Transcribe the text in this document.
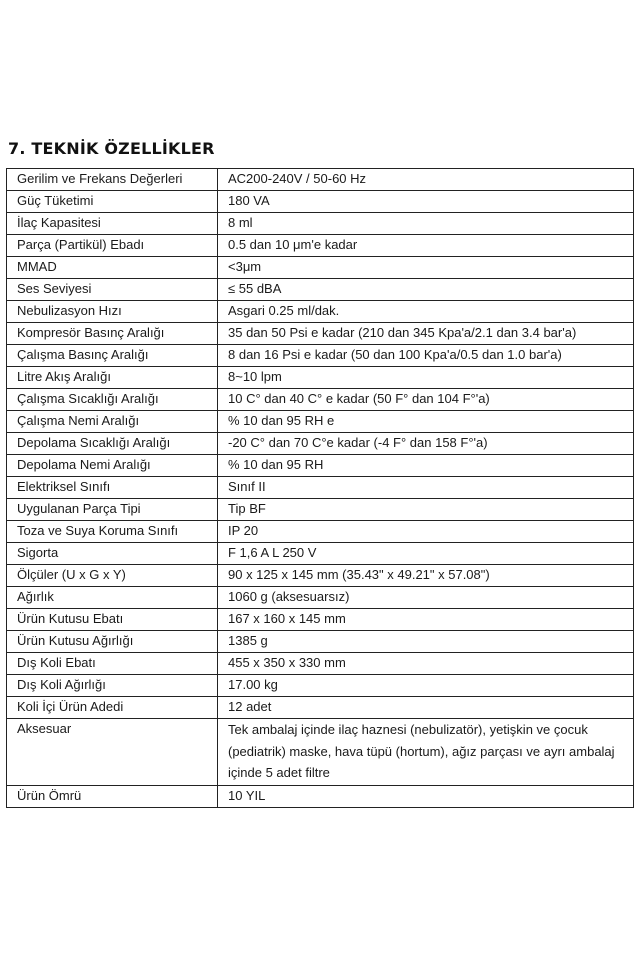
7. TEKNİK ÖZELLİKLER
Gerilim ve Frekans Değerleri	AC200-240V / 50-60 Hz
Güç Tüketimi	180 VA
İlaç Kapasitesi	8 ml
Parça (Partikül) Ebadı	0.5 dan 10 μm'e kadar
MMAD	<3μm
Ses Seviyesi	≤ 55 dBA
Nebulizasyon Hızı	Asgari 0.25 ml/dak.
Kompresör Basınç Aralığı	35 dan 50 Psi e kadar (210 dan 345 Kpa'a/2.1 dan 3.4 bar'a)
Çalışma Basınç Aralığı	8 dan 16 Psi e kadar (50 dan 100 Kpa'a/0.5 dan 1.0 bar'a)
Litre Akış Aralığı	8~10 lpm
Çalışma Sıcaklığı Aralığı	10 C° dan 40 C° e kadar (50 F° dan 104 F°'a)
Çalışma Nemi Aralığı	% 10 dan 95 RH e
Depolama Sıcaklığı Aralığı	-20 C° dan 70 C°e kadar (-4 F° dan 158 F°'a)
Depolama Nemi Aralığı	% 10 dan 95 RH
Elektriksel Sınıfı	Sınıf II
Uygulanan Parça Tipi	Tip BF
Toza ve Suya Koruma Sınıfı	IP 20
Sigorta	F 1,6 A L 250 V
Ölçüler (U x G x Y)	90 x 125 x 145 mm (35.43" x 49.21" x 57.08")
Ağırlık	1060 g (aksesuarsız)
Ürün Kutusu Ebatı	167 x 160 x 145 mm
Ürün Kutusu Ağırlığı	1385 g
Dış Koli Ebatı	455 x 350 x 330 mm
Dış Koli Ağırlığı	17.00 kg
Koli İçi Ürün Adedi	12 adet
Aksesuar	Tek ambalaj içinde ilaç haznesi (nebulizatör), yetişkin ve çocuk (pediatrik) maske, hava tüpü (hortum), ağız parçası ve ayrı ambalaj içinde 5 adet filtre
Ürün Ömrü	10 YIL
